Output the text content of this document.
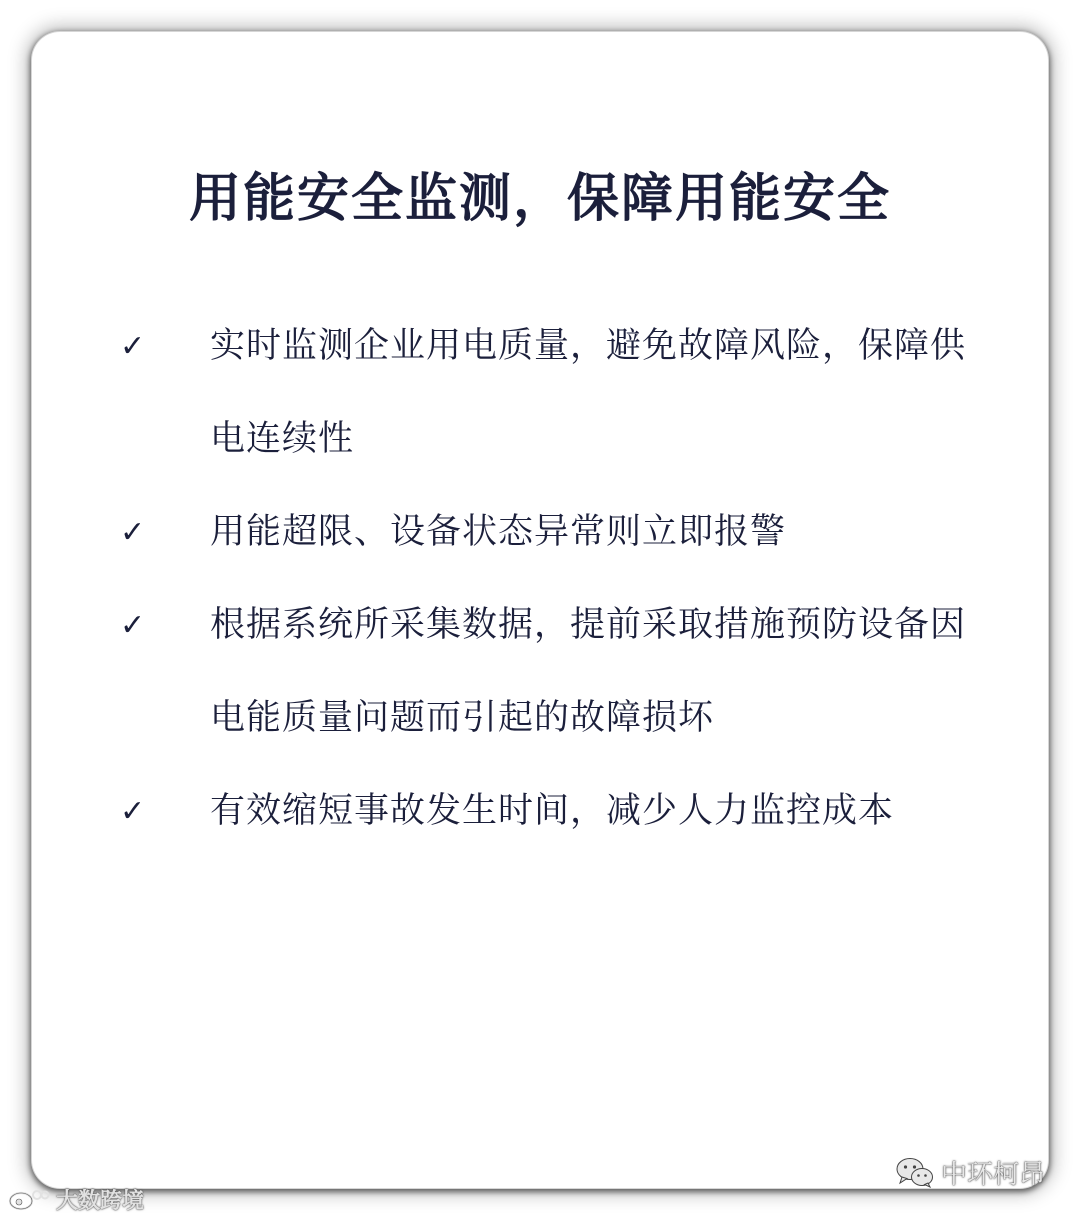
用能安全监测，保障用能安全
✓	实时监测企业用电质量，避免故障风险，保障供电连续性
✓	用能超限、设备状态异常则立即报警
✓	根据系统所采集数据，提前采取措施预防设备因电能质量问题而引起的故障损坏
✓	有效缩短事故发生时间，减少人力监控成本
大数跨境
中环柯昂
